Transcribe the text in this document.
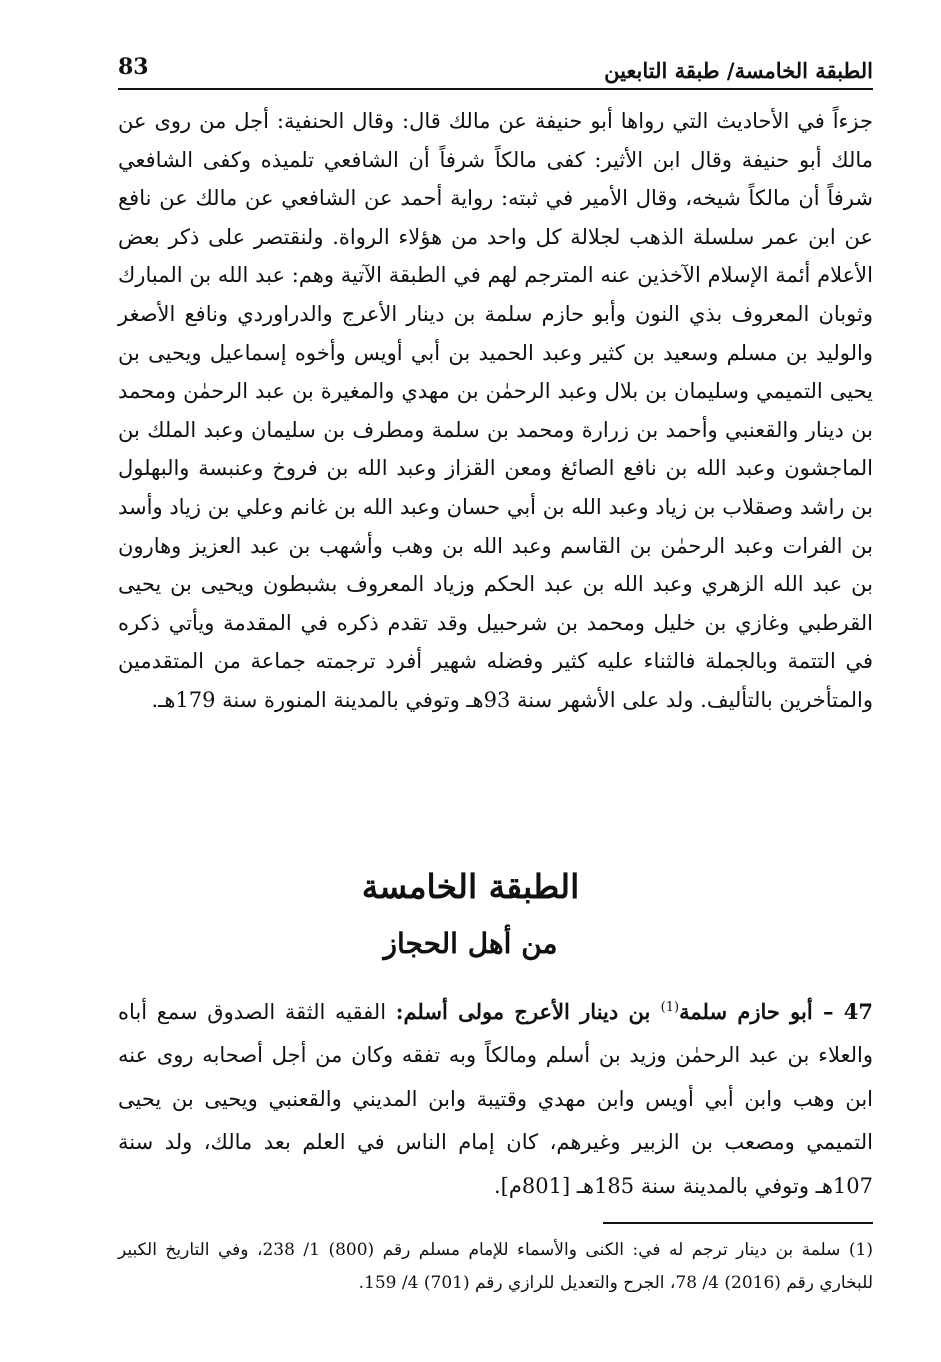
الطبقة الخامسة/ طبقة التابعين
83

جزءاً في الأحاديث التي رواها أبو حنيفة عن مالك قال: وقال الحنفية: أجل من روى عن مالك أبو حنيفة وقال ابن الأثير: كفى مالكاً شرفاً أن الشافعي تلميذه وكفى الشافعي شرفاً أن مالكاً شيخه، وقال الأمير في ثبته: رواية أحمد عن الشافعي عن مالك عن نافع عن ابن عمر سلسلة الذهب لجلالة كل واحد من هؤلاء الرواة. ولنقتصر على ذكر بعض الأعلام أئمة الإسلام الآخذين عنه المترجم لهم في الطبقة الآتية وهم: عبد الله بن المبارك وثوبان المعروف بذي النون وأبو حازم سلمة بن دينار الأعرج والدراوردي ونافع الأصغر والوليد بن مسلم وسعيد بن كثير وعبد الحميد بن أبي أويس وأخوه إسماعيل ويحيى بن يحيى التميمي وسليمان بن بلال وعبد الرحمٰن بن مهدي والمغيرة بن عبد الرحمٰن ومحمد بن دينار والقعنبي وأحمد بن زرارة ومحمد بن سلمة ومطرف بن سليمان وعبد الملك بن الماجشون وعبد الله بن نافع الصائغ ومعن القزاز وعبد الله بن فروخ وعنبسة والبهلول بن راشد وصقلاب بن زياد وعبد الله بن أبي حسان وعبد الله بن غانم وعلي بن زياد وأسد بن الفرات وعبد الرحمٰن بن القاسم وعبد الله بن وهب وأشهب بن عبد العزيز وهارون بن عبد الله الزهري وعبد الله بن عبد الحكم وزياد المعروف بشبطون ويحيى بن يحيى القرطبي وغازي بن خليل ومحمد بن شرحبيل وقد تقدم ذكره في المقدمة ويأتي ذكره في التتمة وبالجملة فالثناء عليه كثير وفضله شهير أفرد ترجمته جماعة من المتقدمين والمتأخرين بالتأليف. ولد على الأشهر سنة 93هـ وتوفي بالمدينة المنورة سنة 179هـ.

الطبقة الخامسة
من أهل الحجاز

47 – أبو حازم سلمة$^{(1)}$ بن دينار الأعرج مولى أسلم: الفقيه الثقة الصدوق سمع أباه والعلاء بن عبد الرحمٰن وزيد بن أسلم ومالكاً وبه تفقه وكان من أجل أصحابه روى عنه ابن وهب وابن أبي أويس وابن مهدي وقتيبة وابن المديني والقعنبي ويحيى بن يحيى التميمي ومصعب بن الزبير وغيرهم، كان إمام الناس في العلم بعد مالك، ولد سنة 107هـ وتوفي بالمدينة سنة 185هـ [801م].

(1) سلمة بن دينار ترجم له في: الكنى والأسماء للإمام مسلم رقم (800) 1/ 238، وفي التاريخ الكبير للبخاري رقم (2016) 4/ 78، الجرح والتعديل للرازي رقم (701) 4/ 159.
